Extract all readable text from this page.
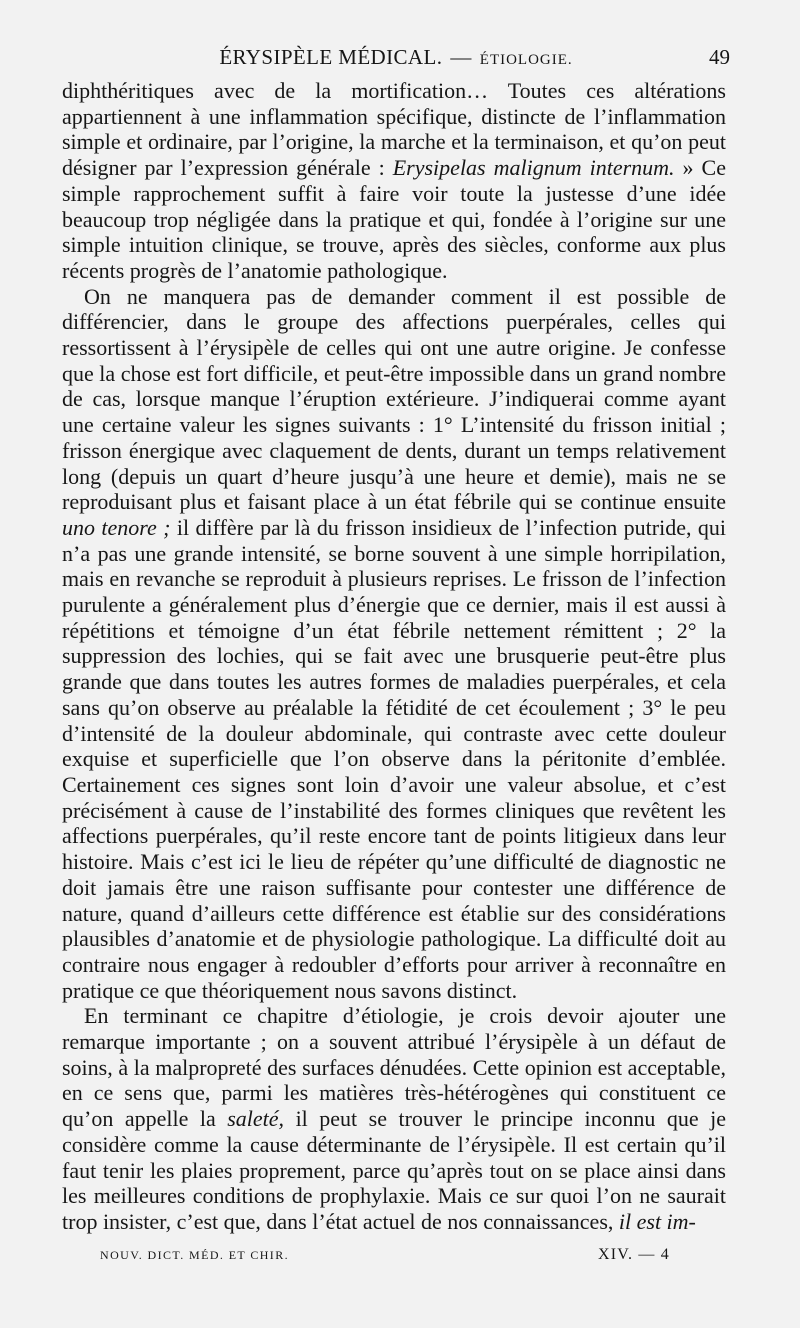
ÉRYSIPÈLE MÉDICAL. — ÉTIOLOGIE.	49

diphthéritiques avec de la mortification… Toutes ces altérations appartiennent à une inflammation spécifique, distincte de l’inflammation simple et ordinaire, par l’origine, la marche et la terminaison, et qu’on peut désigner par l’expression générale : Erysipelas malignum internum. » Ce simple rapprochement suffit à faire voir toute la justesse d’une idée beaucoup trop négligée dans la pratique et qui, fondée à l’origine sur une simple intuition clinique, se trouve, après des siècles, conforme aux plus récents progrès de l’anatomie pathologique.

On ne manquera pas de demander comment il est possible de différencier, dans le groupe des affections puerpérales, celles qui ressortissent à l’érysipèle de celles qui ont une autre origine. Je confesse que la chose est fort difficile, et peut-être impossible dans un grand nombre de cas, lorsque manque l’éruption extérieure. J’indiquerai comme ayant une certaine valeur les signes suivants : 1° L’intensité du frisson initial ; frisson énergique avec claquement de dents, durant un temps relativement long (depuis un quart d’heure jusqu’à une heure et demie), mais ne se reproduisant plus et faisant place à un état fébrile qui se continue ensuite uno tenore ; il diffère par là du frisson insidieux de l’infection putride, qui n’a pas une grande intensité, se borne souvent à une simple horripilation, mais en revanche se reproduit à plusieurs reprises. Le frisson de l’infection purulente a généralement plus d’énergie que ce dernier, mais il est aussi à répétitions et témoigne d’un état fébrile nettement rémittent ; 2° la suppression des lochies, qui se fait avec une brusquerie peut-être plus grande que dans toutes les autres formes de maladies puerpérales, et cela sans qu’on observe au préalable la fétidité de cet écoulement ; 3° le peu d’intensité de la douleur abdominale, qui contraste avec cette douleur exquise et superficielle que l’on observe dans la péritonite d’emblée. Certainement ces signes sont loin d’avoir une valeur absolue, et c’est précisément à cause de l’instabilité des formes cliniques que revêtent les affections puerpérales, qu’il reste encore tant de points litigieux dans leur histoire. Mais c’est ici le lieu de répéter qu’une difficulté de diagnostic ne doit jamais être une raison suffisante pour contester une différence de nature, quand d’ailleurs cette différence est établie sur des considérations plausibles d’anatomie et de physiologie pathologique. La difficulté doit au contraire nous engager à redoubler d’efforts pour arriver à reconnaître en pratique ce que théoriquement nous savons distinct.

En terminant ce chapitre d’étiologie, je crois devoir ajouter une remarque importante ; on a souvent attribué l’érysipèle à un défaut de soins, à la malpropreté des surfaces dénudées. Cette opinion est acceptable, en ce sens que, parmi les matières très-hétérogènes qui constituent ce qu’on appelle la saleté, il peut se trouver le principe inconnu que je considère comme la cause déterminante de l’érysipèle. Il est certain qu’il faut tenir les plaies proprement, parce qu’après tout on se place ainsi dans les meilleures conditions de prophylaxie. Mais ce sur quoi l’on ne saurait trop insister, c’est que, dans l’état actuel de nos connaissances, il est im-

NOUV. DICT. MÉD. ET CHIR.	XIV. — 4
